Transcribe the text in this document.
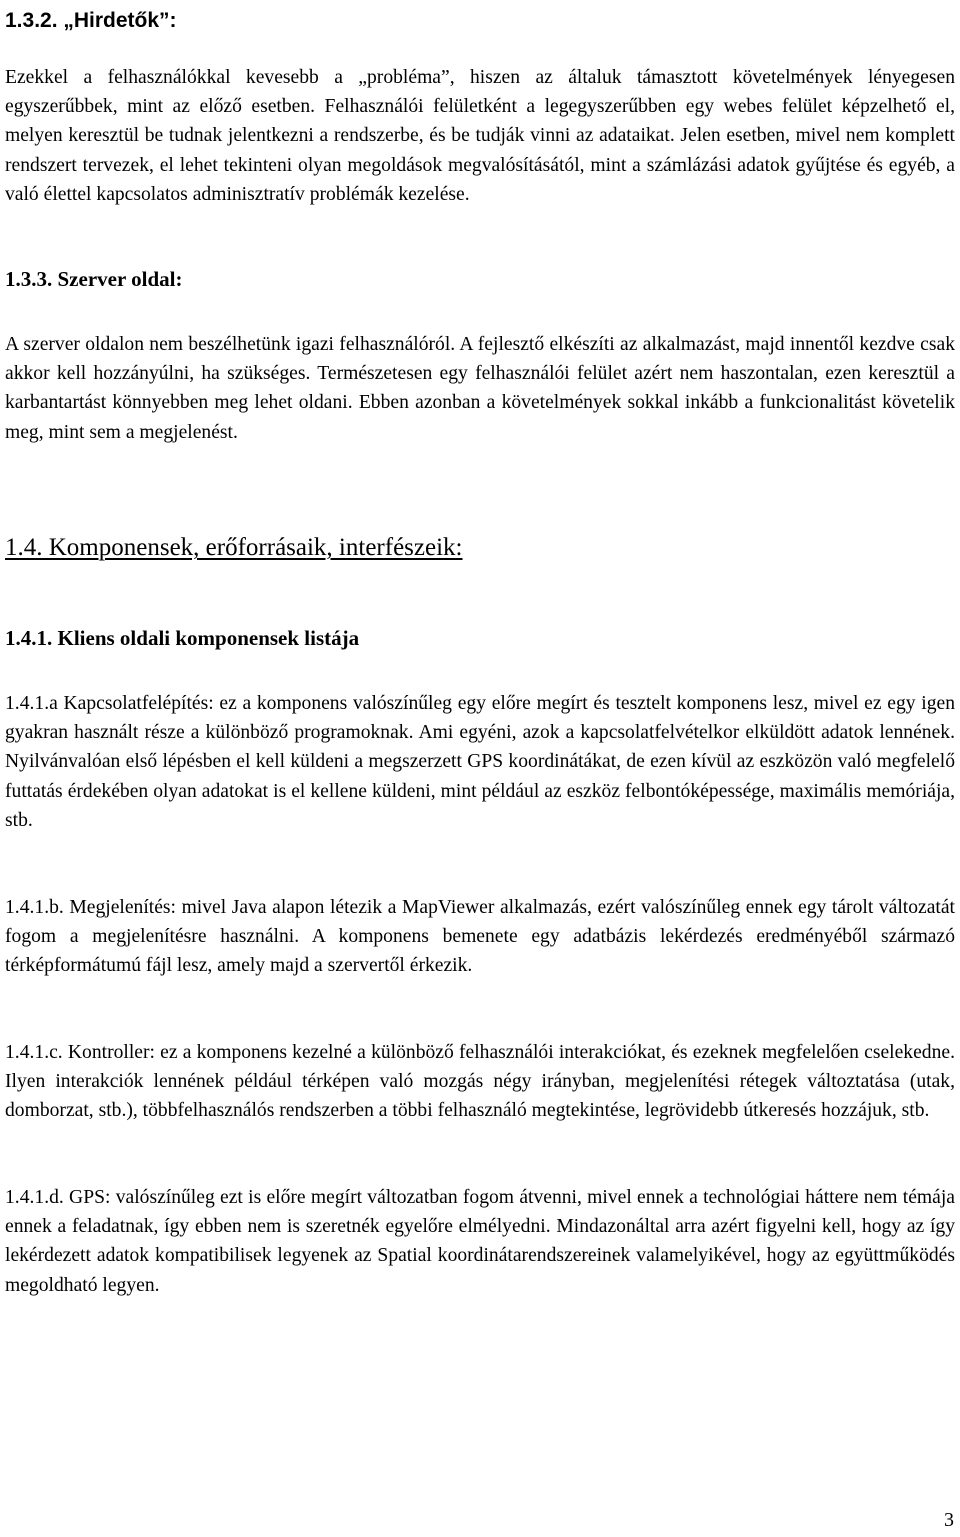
1.3.2. „Hirdetők”:

Ezekkel a felhasználókkal kevesebb a „probléma”, hiszen az általuk támasztott követelmények lényegesen egyszerűbbek, mint az előző esetben. Felhasználói felületként a legegyszerűbben egy webes felület képzelhető el, melyen keresztül be tudnak jelentkezni a rendszerbe, és be tudják vinni az adataikat. Jelen esetben, mivel nem komplett rendszert tervezek, el lehet tekinteni olyan megoldások megvalósításától, mint a számlázási adatok gyűjtése és egyéb, a való élettel kapcsolatos adminisztratív problémák kezelése.

1.3.3. Szerver oldal:

A szerver oldalon nem beszélhetünk igazi felhasználóról. A fejlesztő elkészíti az alkalmazást, majd innentől kezdve csak akkor kell hozzányúlni, ha szükséges. Természetesen egy felhasználói felület azért nem haszontalan, ezen keresztül a karbantartást könnyebben meg lehet oldani. Ebben azonban a követelmények sokkal inkább a funkcionalitást követelik meg, mint sem a megjelenést.

1.4. Komponensek, erőforrásaik, interfészeik:
1.4.1. Kliens oldali komponensek listája

1.4.1.a Kapcsolatfelépítés: ez a komponens valószínűleg egy előre megírt és tesztelt komponens lesz, mivel ez egy igen gyakran használt része a különböző programoknak. Ami egyéni, azok a kapcsolatfelvételkor elküldött adatok lennének. Nyilvánvalóan első lépésben el kell küldeni a megszerzett GPS koordinátákat, de ezen kívül az eszközön való megfelelő futtatás érdekében olyan adatokat is el kellene küldeni, mint például az eszköz felbontóképessége, maximális memóriája, stb.

1.4.1.b. Megjelenítés: mivel Java alapon létezik a MapViewer alkalmazás, ezért valószínűleg ennek egy tárolt változatát fogom a megjelenítésre használni. A komponens bemenete egy adatbázis lekérdezés eredményéből származó térképformátumú fájl lesz, amely majd a szervertől érkezik.

1.4.1.c. Kontroller: ez a komponens kezelné a különböző felhasználói interakciókat, és ezeknek megfelelően cselekedne. Ilyen interakciók lennének például térképen való mozgás négy irányban, megjelenítési rétegek változtatása (utak, domborzat, stb.), többfelhasználós rendszerben a többi felhasználó megtekintése, legrövidebb útkeresés hozzájuk, stb.

1.4.1.d. GPS: valószínűleg ezt is előre megírt változatban fogom átvenni, mivel ennek a technológiai háttere nem témája ennek a feladatnak, így ebben nem is szeretnék egyelőre elmélyedni. Mindazonáltal arra azért figyelni kell, hogy az így lekérdezett adatok kompatibilisek legyenek az Spatial koordinátarendszereinek valamelyikével, hogy az együttműködés megoldható legyen.

3
